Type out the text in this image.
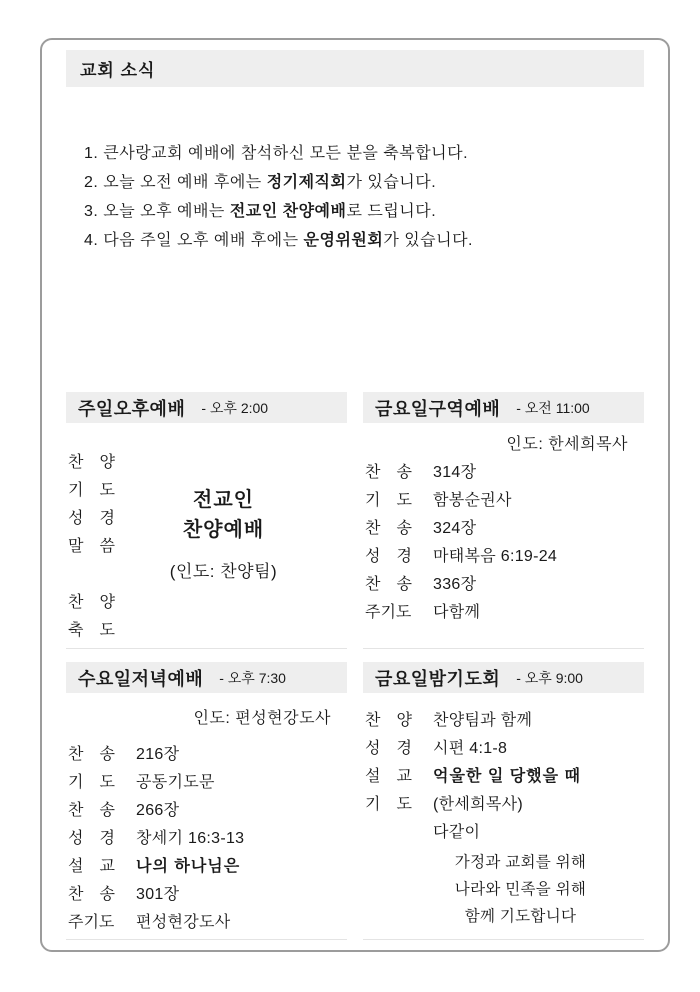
교회 소식
1. 큰사랑교회 예배에 참석하신 모든 분을 축복합니다.
2. 오늘 오전 예배 후에는 정기제직회가 있습니다.
3. 오늘 오후 예배는 전교인 찬양예배로 드립니다.
4. 다음 주일 오후 예배 후에는 운영위원회가 있습니다.
주일오후예배 - 오후 2:00
찬　양
기　도
성　경
말　씀
찬　양
축　도
전교인
찬양예배
(인도: 찬양팀)
금요일구역예배 - 오전 11:00
인도: 한세희목사
찬　송 314장
기　도 함봉순권사
찬　송 324장
성　경 마태복음 6:19-24
찬　송 336장
주기도 다함께
수요일저녁예배 - 오후 7:30
인도: 편성현강도사
찬　송 216장
기　도 공동기도문
찬　송 266장
성　경 창세기 16:3-13
설　교 나의 하나님은
찬　송 301장
주기도 편성현강도사
금요일밤기도회 - 오후 9:00
찬　양 찬양팀과 함께
성　경 시편 4:1-8
설　교 억울한 일 당했을 때
기　도 (한세희목사)
다같이
가정과 교회를 위해
나라와 민족을 위해
함께 기도합니다
